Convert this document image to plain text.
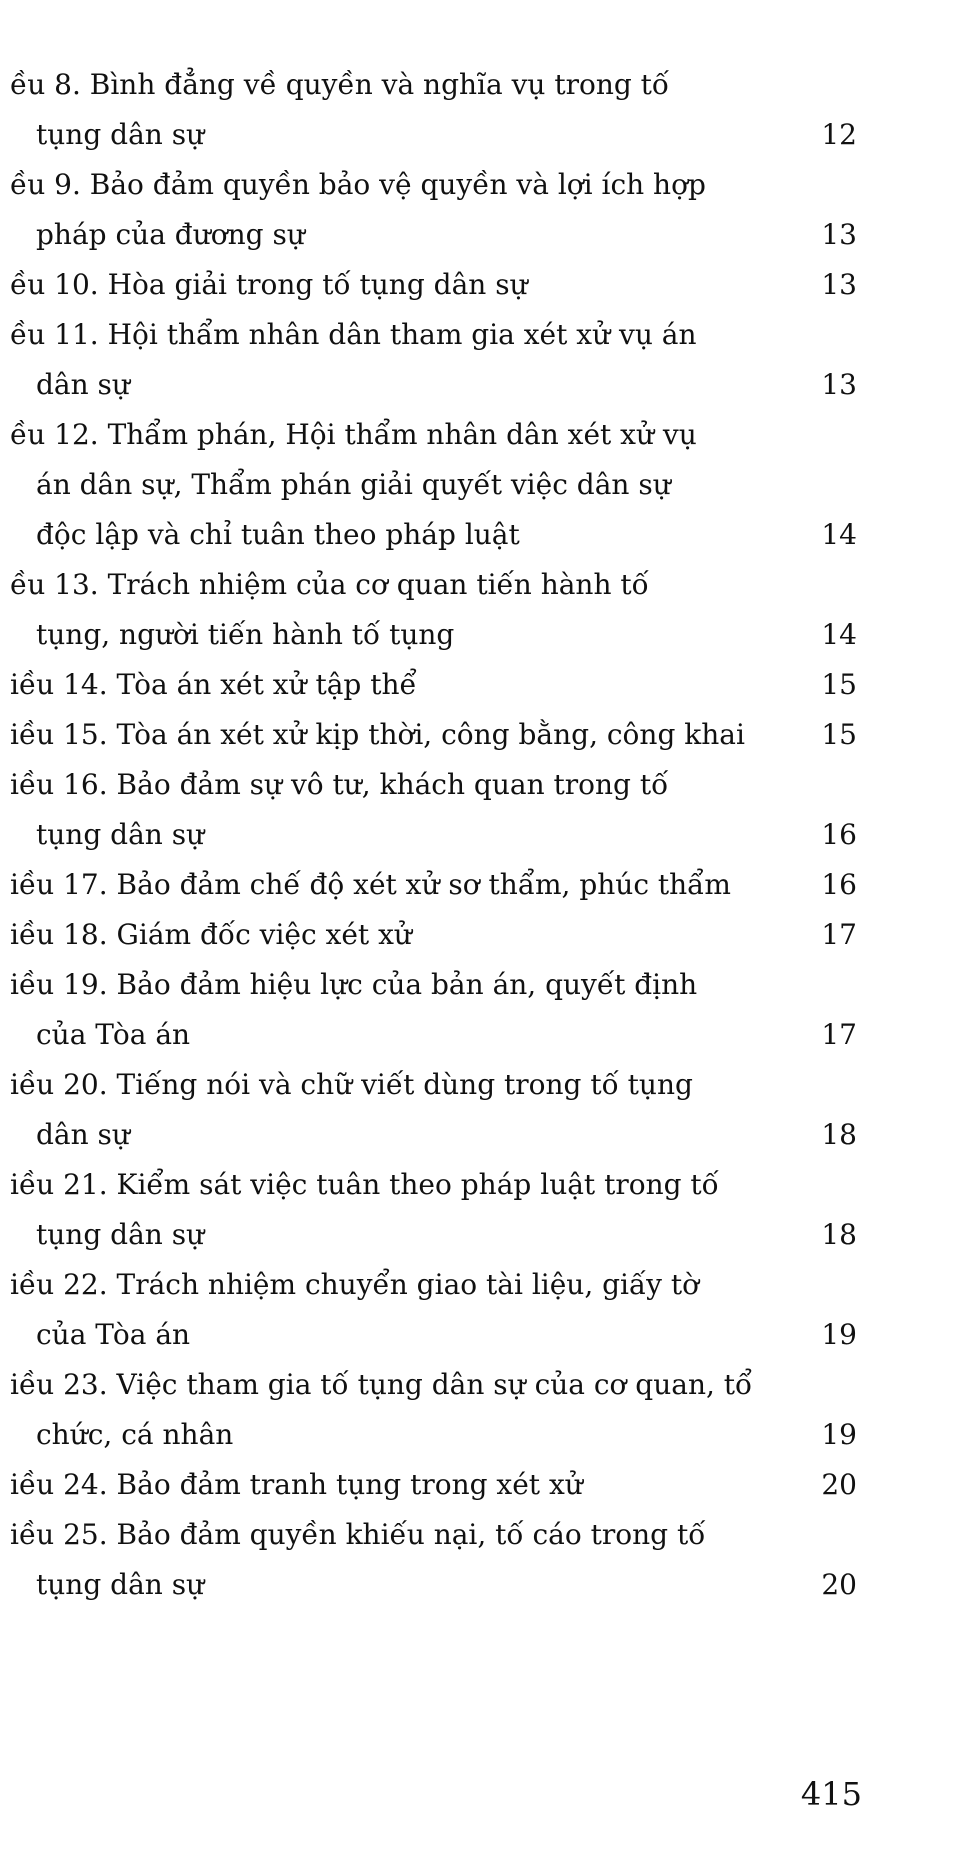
ều 8. Bình đẳng về quyền và nghĩa vụ trong tố
tụng dân sự	12
ều 9. Bảo đảm quyền bảo vệ quyền và lợi ích hợp
pháp của đương sự	13
ều 10. Hòa giải trong tố tụng dân sự	13
ều 11. Hội thẩm nhân dân tham gia xét xử vụ án
dân sự	13
ều 12. Thẩm phán, Hội thẩm nhân dân xét xử vụ
án dân sự, Thẩm phán giải quyết việc dân sự
độc lập và chỉ tuân theo pháp luật	14
ều 13. Trách nhiệm của cơ quan tiến hành tố
tụng, người tiến hành tố tụng	14
iều 14. Tòa án xét xử tập thể	15
iều 15. Tòa án xét xử kịp thời, công bằng, công khai	15
iều 16. Bảo đảm sự vô tư, khách quan trong tố
tụng dân sự	16
iều 17. Bảo đảm chế độ xét xử sơ thẩm, phúc thẩm	16
iều 18. Giám đốc việc xét xử	17
iều 19. Bảo đảm hiệu lực của bản án, quyết định
của Tòa án	17
iều 20. Tiếng nói và chữ viết dùng trong tố tụng
dân sự	18
iều 21. Kiểm sát việc tuân theo pháp luật trong tố
tụng dân sự	18
iều 22. Trách nhiệm chuyển giao tài liệu, giấy tờ
của Tòa án	19
iều 23. Việc tham gia tố tụng dân sự của cơ quan, tổ
chức, cá nhân	19
iều 24. Bảo đảm tranh tụng trong xét xử	20
iều 25. Bảo đảm quyền khiếu nại, tố cáo trong tố
tụng dân sự	20
415
